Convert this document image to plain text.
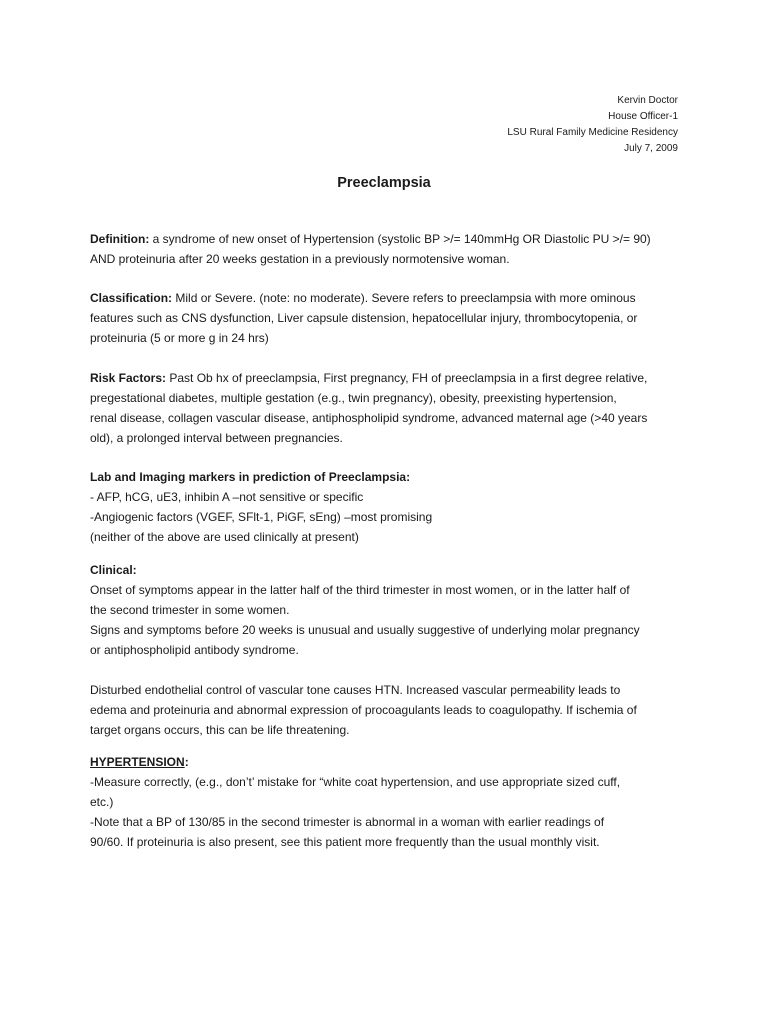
Kervin Doctor
House Officer-1
LSU Rural Family Medicine Residency
July 7, 2009
Preeclampsia

Definition: a syndrome of new onset of Hypertension (systolic BP >/= 140mmHg OR Diastolic PU >/= 90)

AND proteinuria after 20 weeks gestation in a previously normotensive woman.

Classification: Mild or Severe. (note: no moderate). Severe refers to preeclampsia with more ominous

features such as CNS dysfunction, Liver capsule distension, hepatocellular injury, thrombocytopenia, or

proteinuria (5 or more g in 24 hrs)

Risk Factors: Past Ob hx of preeclampsia, First pregnancy, FH of preeclampsia in a first degree relative,

pregestational diabetes, multiple gestation (e.g., twin pregnancy), obesity, preexisting hypertension,

renal disease, collagen vascular disease, antiphospholipid syndrome, advanced maternal age (>40 years

old), a prolonged interval between pregnancies.

Lab and Imaging markers in prediction of Preeclampsia:

- AFP, hCG, uE3, inhibin A –not sensitive or specific

-Angiogenic factors (VGEF, SFlt-1, PiGF, sEng) –most promising

(neither of the above are used clinically at present)

Clinical:

Onset of symptoms appear in the latter half of the third trimester in most women, or in the latter half of

the second trimester in some women.

Signs and symptoms before 20 weeks is unusual and usually suggestive of underlying molar pregnancy

or antiphospholipid antibody syndrome.

Disturbed endothelial control of vascular tone causes HTN. Increased vascular permeability leads to

edema and proteinuria and abnormal expression of procoagulants leads to coagulopathy. If ischemia of

target organs occurs, this can be life threatening.

HYPERTENSION:

-Measure correctly, (e.g., don’t’ mistake for “white coat hypertension, and use appropriate sized cuff,

etc.)

-Note that a BP of 130/85 in the second trimester is abnormal in a woman with earlier readings of

90/60. If proteinuria is also present, see this patient more frequently than the usual monthly visit.
